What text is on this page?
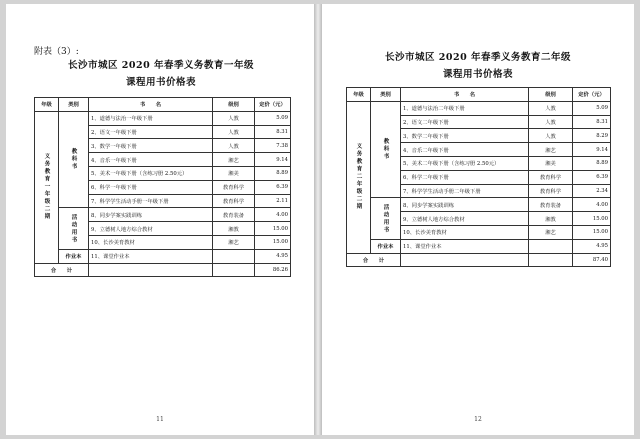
附表（3）:
长沙市城区 2020 年春季义务教育一年级
课程用书价格表
年级	类别	书　　名	级别	定价（元）
义务教育一年级二期	教科书	1、道德与法治一年级下册	人教	5.09
		2、语文一年级下册	人教	8.31
		3、数学一年级下册	人教	7.38
		4、音乐一年级下册	湘艺	9.14
		5、美术一年级下册（含练习册 2.50元）	湘美	8.89
		6、科学一年级下册	教育科学	6.39
		7、科学学生活动手册一年级下册	教育科学	2.11
	活动用书	8、同步学案实践训练	教育装备	4.00
		9、立德树人地方综合教材	湘教	15.00
		10、长沙美育教材	湘艺	15.00
	作业本	11、课堂作业本		4.95
合　　计				86.26
11
长沙市城区 2020 年春季义务教育二年级
课程用书价格表
年级	类别	书　　名	级别	定价（元）
义务教育二年级二期	教科书	1、道德与法治二年级下册	人教	5.09
		2、语文二年级下册	人教	8.31
		3、数学二年级下册	人教	8.29
		4、音乐二年级下册	湘艺	9.14
		5、美术二年级下册（含练习册 2.50元）	湘美	8.89
		6、科学二年级下册	教育科学	6.39
		7、科学学生活动手册二年级下册	教育科学	2.34
	活动用书	8、同步学案实践训练	教育装备	4.00
		9、立德树人地方综合教材	湘教	15.00
		10、长沙美育教材	湘艺	15.00
	作业本	11、课堂作业本		4.95
合　　计				87.40
12
